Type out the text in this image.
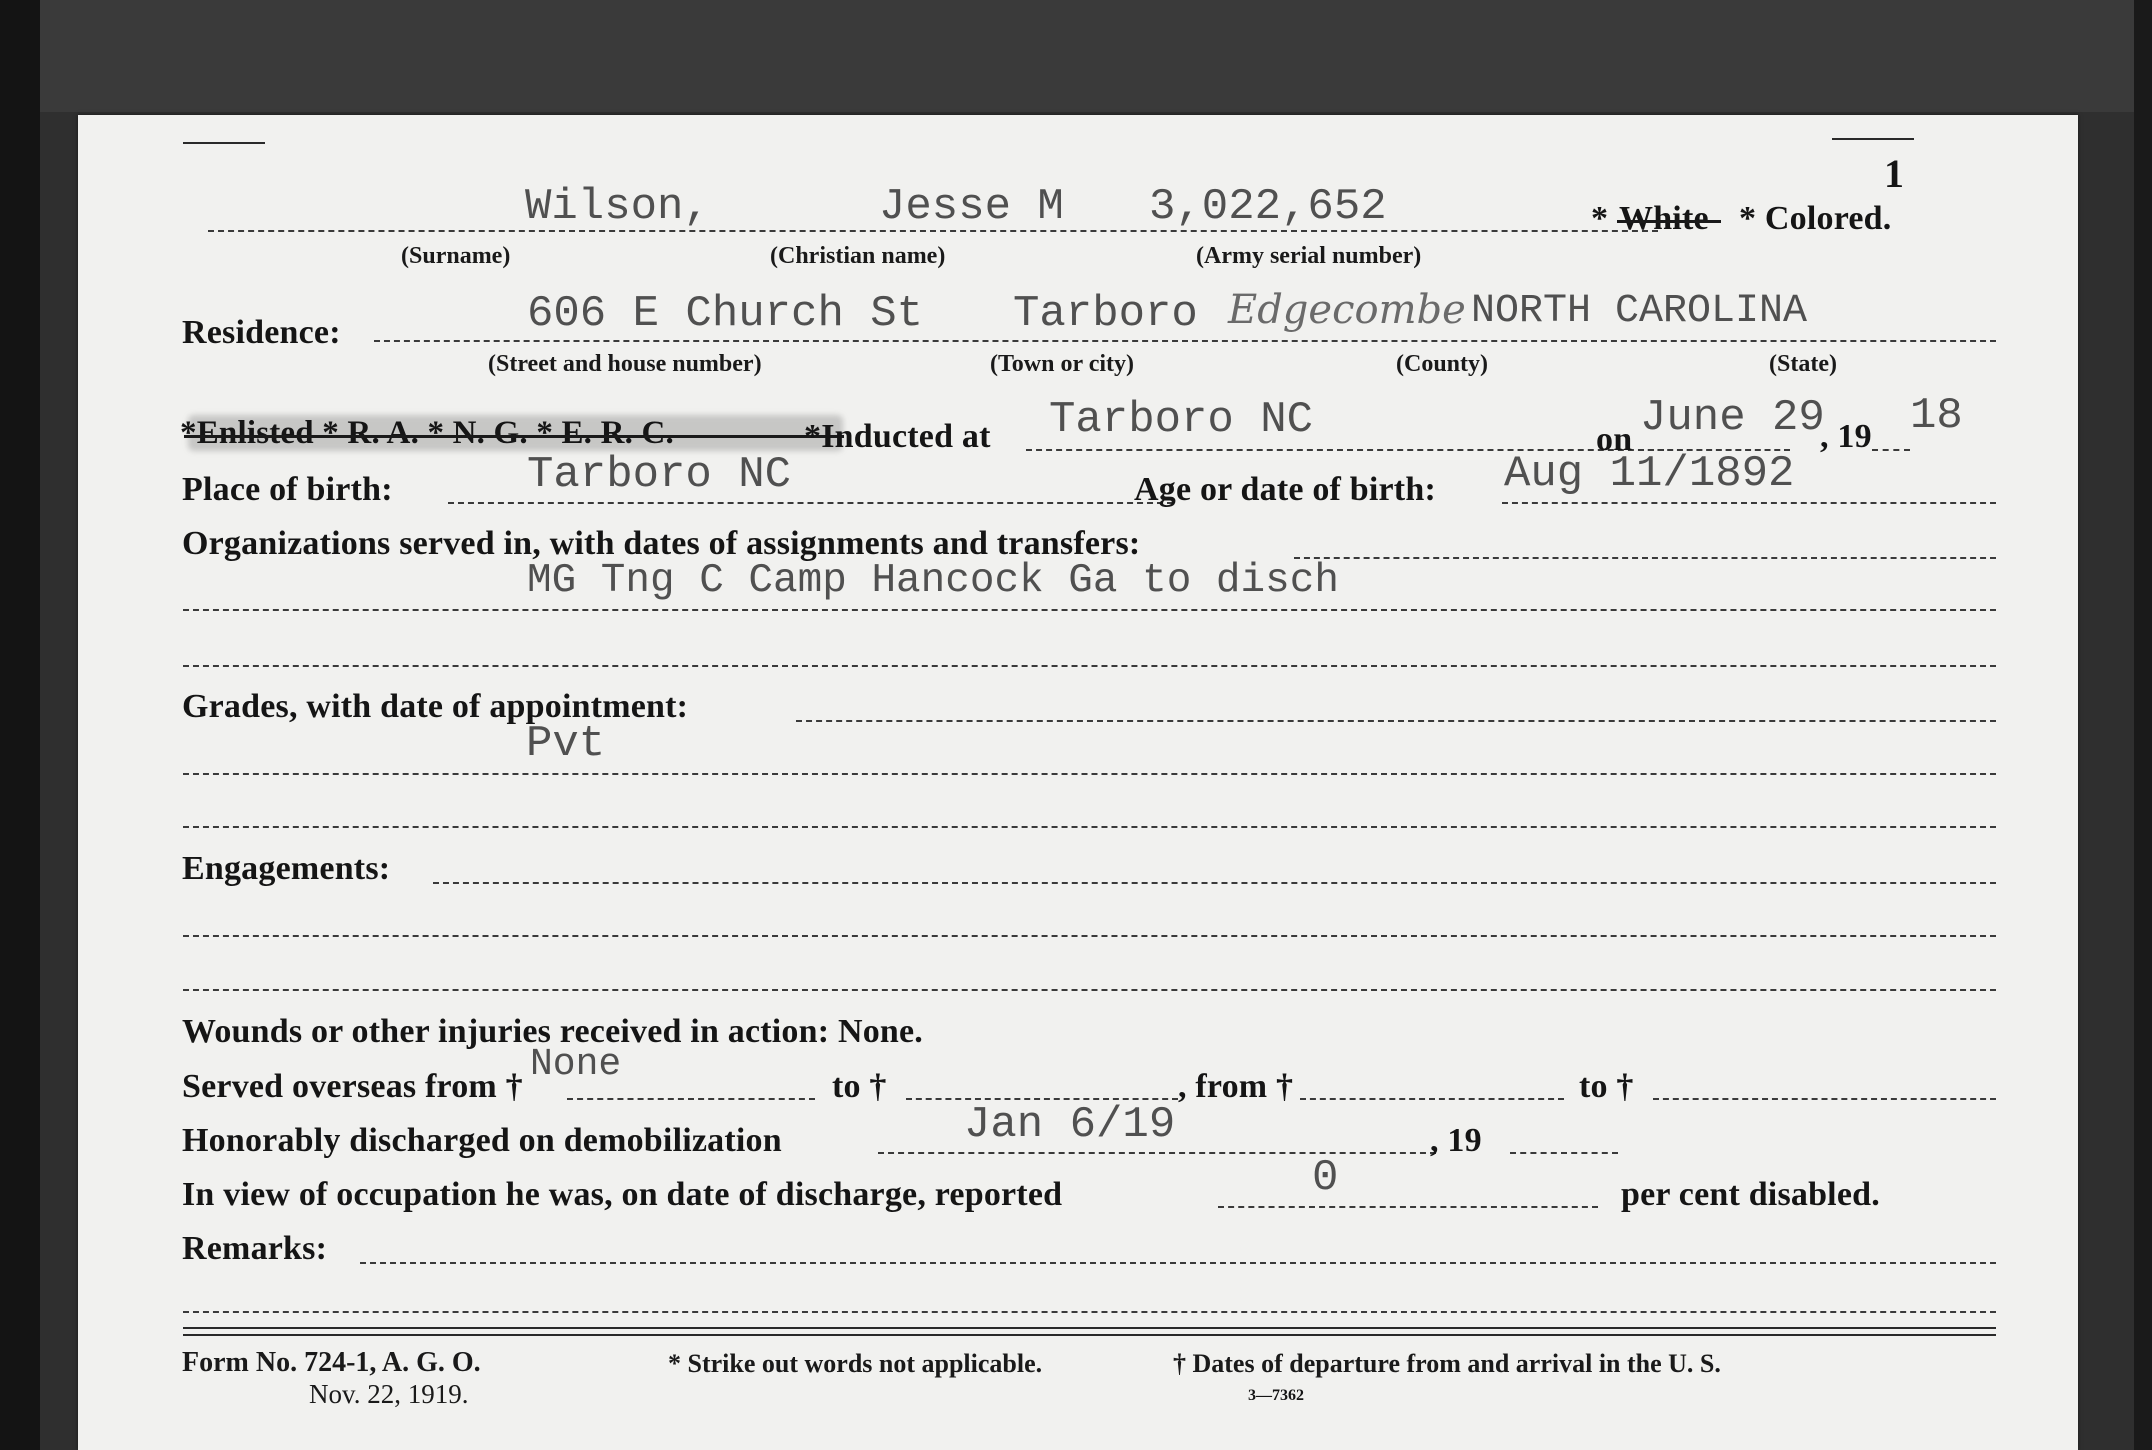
1
Wilson,	Jesse M 3,022,652	* White * Colored.
(Surname)	(Christian name)	(Army serial number)
Residence:	606 E Church St Tarboro Edgecombe NORTH CAROLINA
(Street and house number)	(Town or city)	(County)	(State)
*Enlisted * R. A. * N. G. * E. R. C.	*Inducted at Tarboro NC	on June 29
, 19 18
Place of birth:	Tarboro NC	Age or date of birth: Aug 11/1892
Organizations served in, with dates of assignments and transfers:
MG Tng C Camp Hancock Ga to disch
Grades, with date of appointment:
Pvt
Engagements:
Wounds or other injuries received in action: None.
Served overseas from †
None
to †	, from †	to †
Honorably discharged on demobilization	Jan 6/19	, 19
In view of occupation he was, on date of discharge, reported	0	per cent disabled.
Remarks:
Form No. 724-1, A. G. O.
Nov. 22, 1919.
* Strike out words not applicable.	† Dates of departure from and arrival in the U. S.
3—7362
